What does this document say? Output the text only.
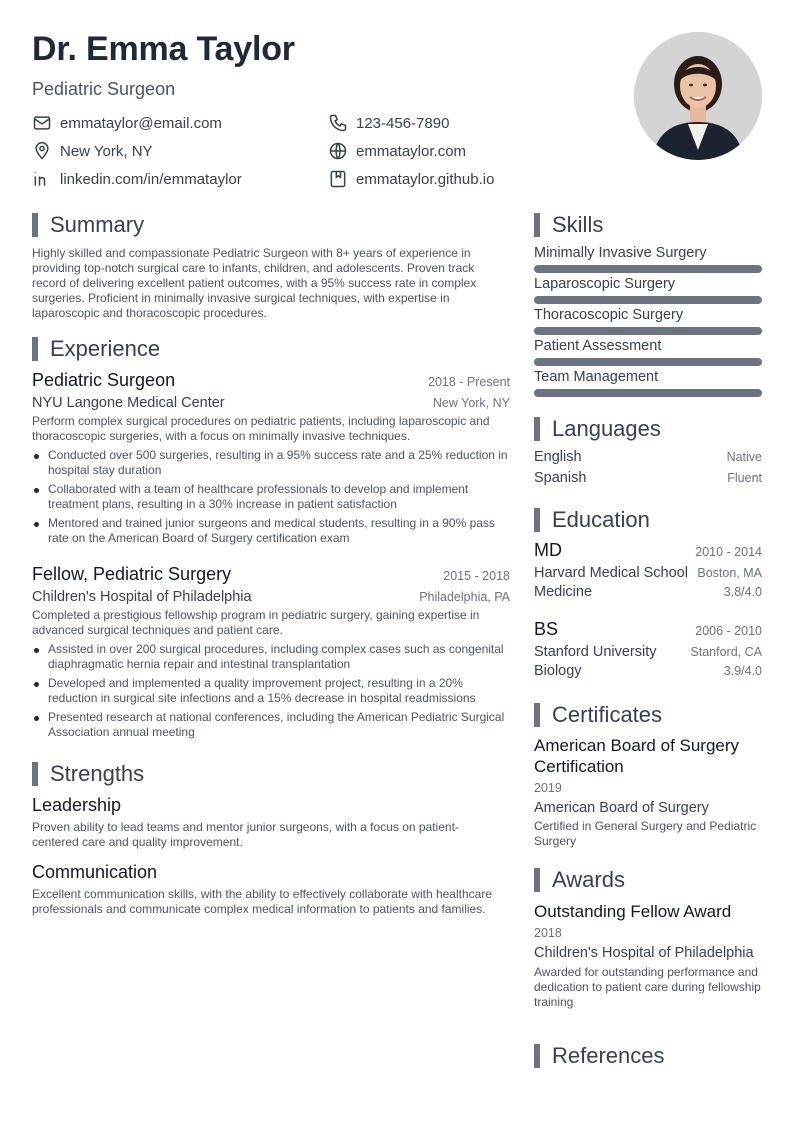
Dr. Emma Taylor
Pediatric Surgeon
emmataylor@email.com	123-456-7890
New York, NY	emmataylor.com
linkedin.com/in/emmataylor	emmataylor.github.io
Summary

Highly skilled and compassionate Pediatric Surgeon with 8+ years of experience in providing top-notch surgical care to infants, children, and adolescents. Proven track record of delivering excellent patient outcomes, with a 95% success rate in complex surgeries. Proficient in minimally invasive surgical techniques, with expertise in laparoscopic and thoracoscopic procedures.

Experience
Pediatric Surgeon	2018 - Present
NYU Langone Medical Center	New York, NY

Perform complex surgical procedures on pediatric patients, including laparoscopic and thoracoscopic surgeries, with a focus on minimally invasive techniques.

Conducted over 500 surgeries, resulting in a 95% success rate and a 25% reduction in hospital stay duration
Collaborated with a team of healthcare professionals to develop and implement treatment plans, resulting in a 30% increase in patient satisfaction
Mentored and trained junior surgeons and medical students, resulting in a 90% pass rate on the American Board of Surgery certification exam
Fellow, Pediatric Surgery	2015 - 2018
Children's Hospital of Philadelphia	Philadelphia, PA

Completed a prestigious fellowship program in pediatric surgery, gaining expertise in advanced surgical techniques and patient care.

Assisted in over 200 surgical procedures, including complex cases such as congenital diaphragmatic hernia repair and intestinal transplantation
Developed and implemented a quality improvement project, resulting in a 20% reduction in surgical site infections and a 15% decrease in hospital readmissions
Presented research at national conferences, including the American Pediatric Surgical Association annual meeting
Strengths
Leadership

Proven ability to lead teams and mentor junior surgeons, with a focus on patient-centered care and quality improvement.

Communication

Excellent communication skills, with the ability to effectively collaborate with healthcare professionals and communicate complex medical information to patients and families.

Skills
Minimally Invasive Surgery
Laparoscopic Surgery
Thoracoscopic Surgery
Patient Assessment
Team Management
Languages
English	Native
Spanish	Fluent
Education
MD	2010 - 2014
Harvard Medical School Boston, MA
Medicine	3.8/4.0
BS	2006 - 2010
Stanford University	Stanford, CA
Biology	3.9/4.0
Certificates
American Board of Surgery Certification
2019
American Board of Surgery

Certified in General Surgery and Pediatric Surgery

Awards
Outstanding Fellow Award
2018
Children's Hospital of Philadelphia

Awarded for outstanding performance and dedication to patient care during fellowship training

References
